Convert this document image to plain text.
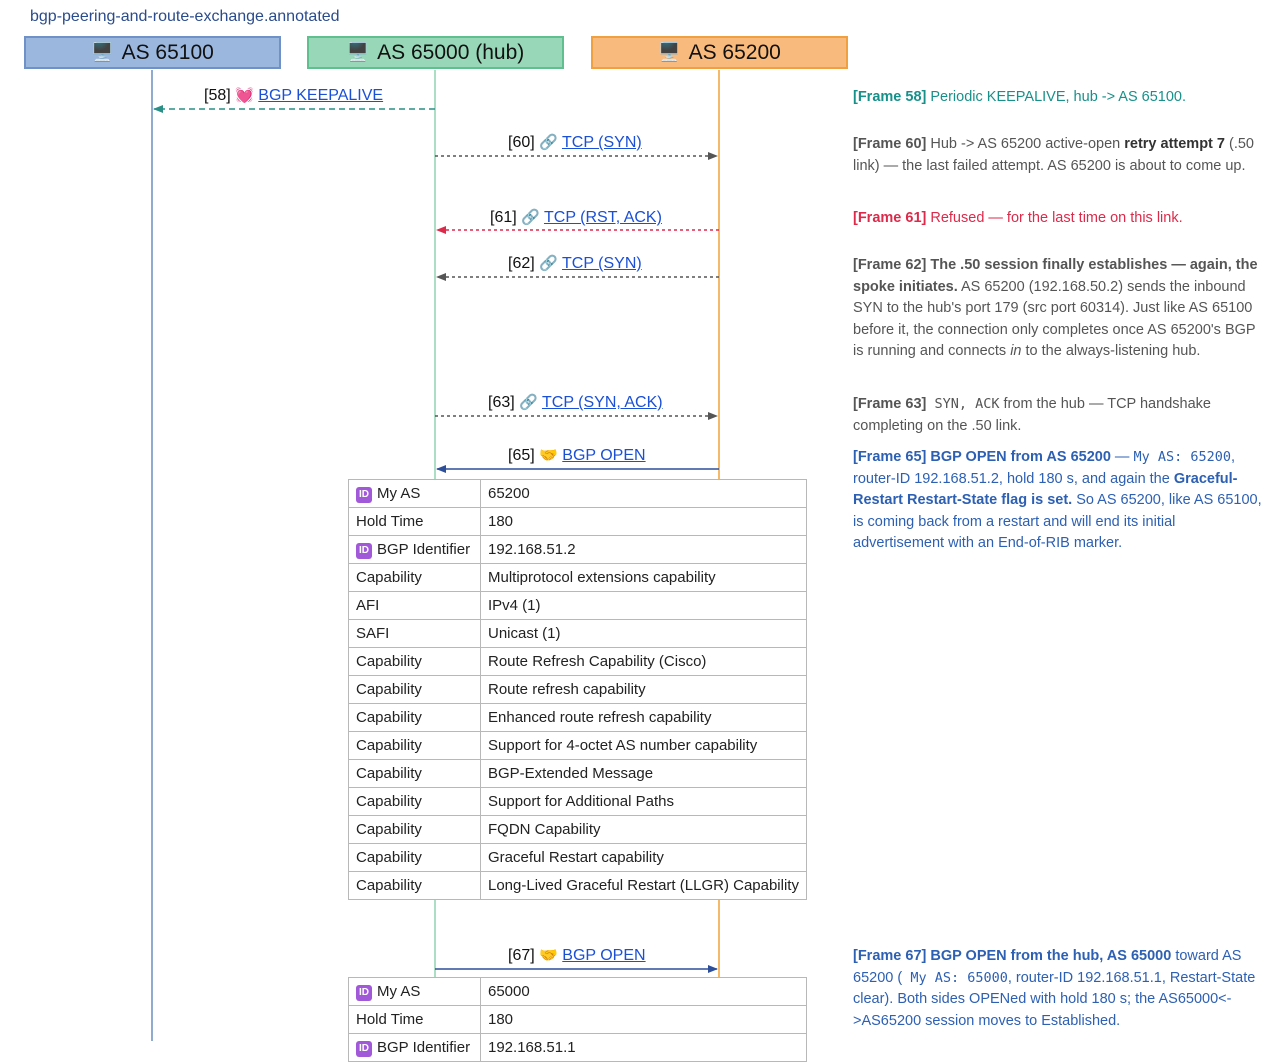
bgp-peering-and-route-exchange.annotated
🖥️ AS 65100	🖥️ AS 65000 (hub)	🖥️ AS 65200
[58] 💓 BGP KEEPALIVE
[60] 🔗 TCP (SYN)
[61] 🔗 TCP (RST, ACK)
[62] 🔗 TCP (SYN)
[63] 🔗 TCP (SYN, ACK)
[65] 🤝 BGP OPEN
[67] 🤝 BGP OPEN
ID My AS	65200
Hold Time	180
ID BGP Identifier	192.168.51.2
Capability	Multiprotocol extensions capability
AFI	IPv4 (1)
SAFI	Unicast (1)
Capability	Route Refresh Capability (Cisco)
Capability	Route refresh capability
Capability	Enhanced route refresh capability
Capability	Support for 4-octet AS number capability
Capability	BGP-Extended Message
Capability	Support for Additional Paths
Capability	FQDN Capability
Capability	Graceful Restart capability
Capability	Long-Lived Graceful Restart (LLGR) Capability
ID My AS	65000
Hold Time	180
ID BGP Identifier	192.168.51.1
[Frame 58] Periodic KEEPALIVE, hub -> AS 65100.
[Frame 60] Hub -> AS 65200 active-open retry attempt 7 (.50 link) — the last failed attempt. AS 65200 is about to come up.
[Frame 61] Refused — for the last time on this link.
[Frame 62] The .50 session finally establishes — again, the spoke initiates. AS 65200 (192.168.50.2) sends the inbound SYN to the hub's port 179 (src port 60314). Just like AS 65100 before it, the connection only completes once AS 65200's BGP is running and connects in to the always-listening hub.
[Frame 63] SYN, ACK from the hub — TCP handshake completing on the .50 link.
[Frame 65] BGP OPEN from AS 65200 — My AS: 65200, router-ID 192.168.51.2, hold 180 s, and again the Graceful-Restart Restart-State flag is set. So AS 65200, like AS 65100, is coming back from a restart and will end its initial advertisement with an End-of-RIB marker.
[Frame 67] BGP OPEN from the hub, AS 65000 toward AS 65200 ( My AS: 65000, router-ID 192.168.51.1, Restart-State clear). Both sides OPENed with hold 180 s; the AS65000<->AS65200 session moves to Established.
